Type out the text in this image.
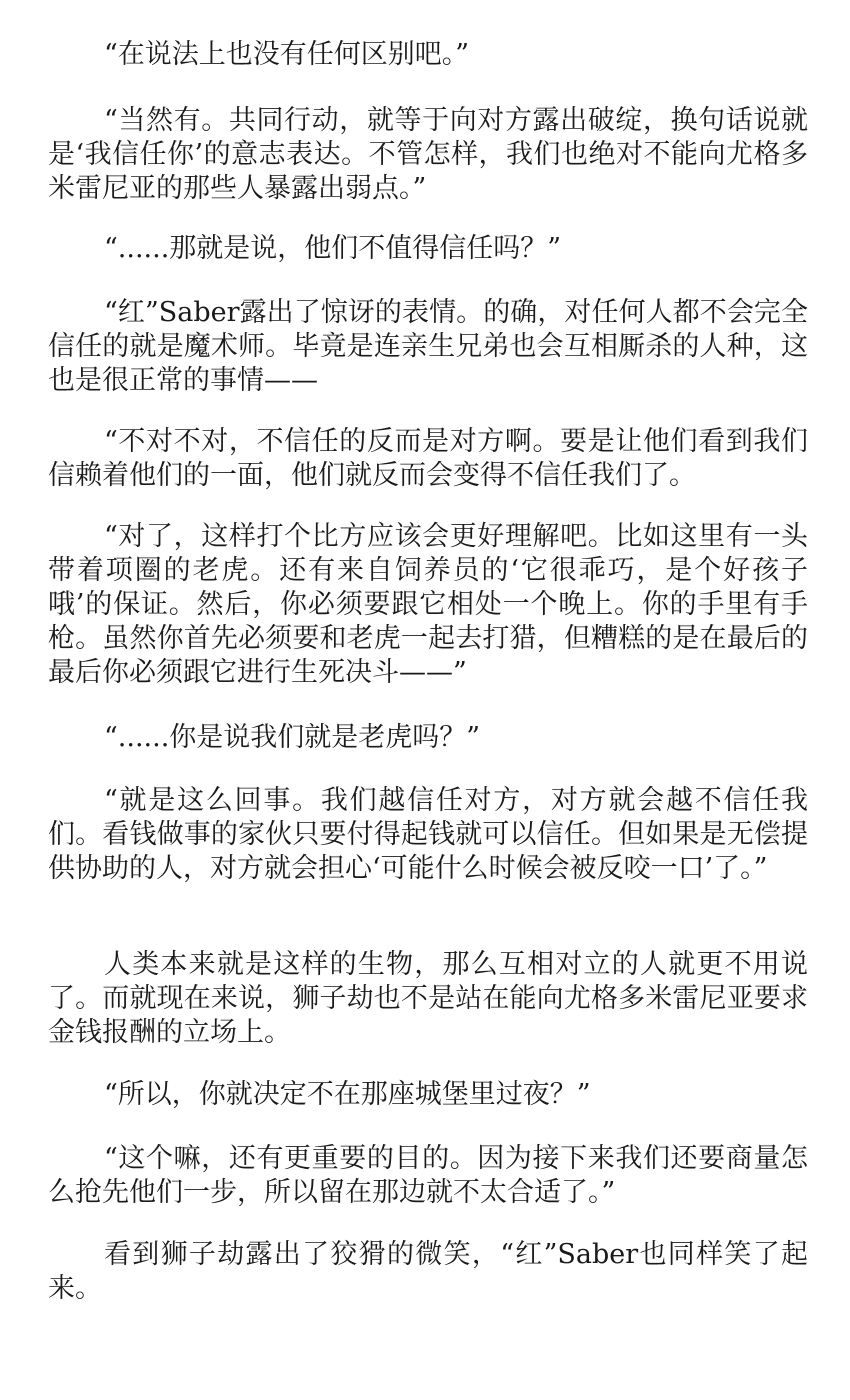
“在说法上也没有任何区别吧。”

“当然有。共同行动，就等于向对方露出破绽，换句话说就是‘我信任你’的意志表达。不管怎样，我们也绝对不能向尤格多米雷尼亚的那些人暴露出弱点。”

“......那就是说，他们不值得信任吗？”

“红”Saber露出了惊讶的表情。的确，对任何人都不会完全信任的就是魔术师。毕竟是连亲生兄弟也会互相厮杀的人种，这也是很正常的事情——

“不对不对，不信任的反而是对方啊。要是让他们看到我们信赖着他们的一面，他们就反而会变得不信任我们了。

“对了，这样打个比方应该会更好理解吧。比如这里有一头带着项圈的老虎。还有来自饲养员的‘它很乖巧，是个好孩子哦’的保证。然后，你必须要跟它相处一个晚上。你的手里有手枪。虽然你首先必须要和老虎一起去打猎，但糟糕的是在最后的最后你必须跟它进行生死决斗——”

“......你是说我们就是老虎吗？”

“就是这么回事。我们越信任对方，对方就会越不信任我们。看钱做事的家伙只要付得起钱就可以信任。但如果是无偿提供协助的人，对方就会担心‘可能什么时候会被反咬一口’了。”

人类本来就是这样的生物，那么互相对立的人就更不用说了。而就现在来说，狮子劫也不是站在能向尤格多米雷尼亚要求金钱报酬的立场上。

“所以，你就决定不在那座城堡里过夜？”

“这个嘛，还有更重要的目的。因为接下来我们还要商量怎么抢先他们一步，所以留在那边就不太合适了。”

看到狮子劫露出了狡猾的微笑，“红”Saber也同样笑了起来。
